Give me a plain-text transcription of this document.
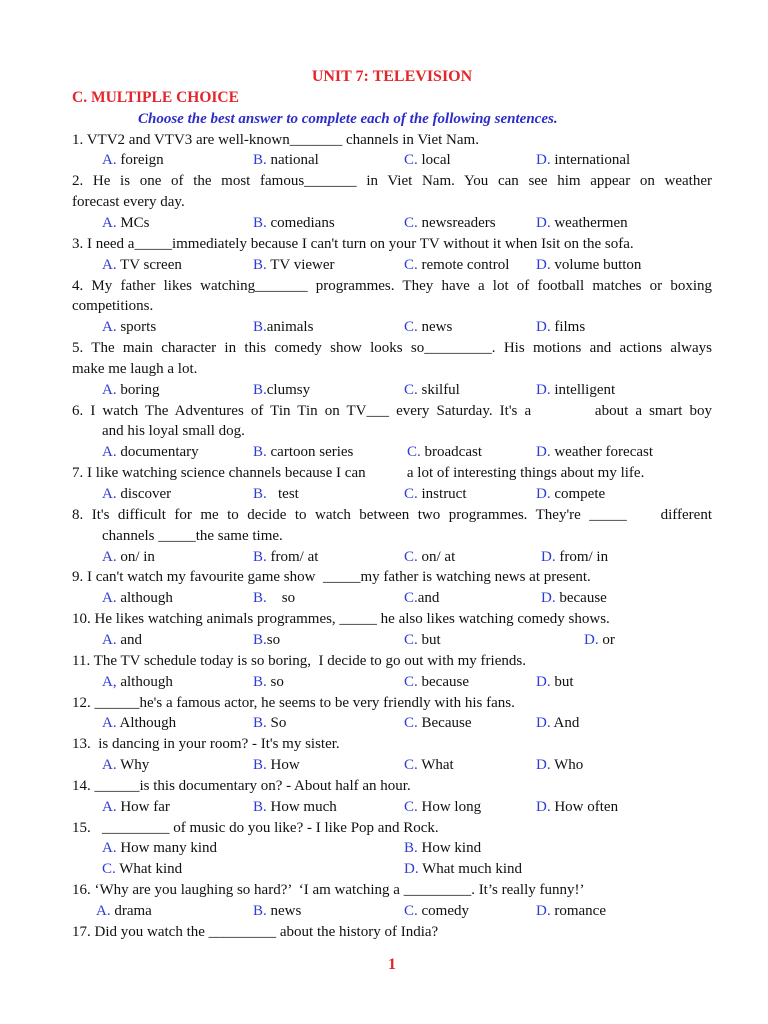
UNIT 7: TELEVISION
C. MULTIPLE CHOICE
Choose the best answer to complete each of the following sentences.
1. VTV2 and VTV3 are well-known_______ channels in Viet Nam.
A. foreign	B. national	C. local	D. international
2. He is one of the most famous_______ in Viet Nam. You can see him appear on weather
forecast every day.
A. MCs	B. comedians	C. newsreaders	D. weathermen
3. I need a_____immediately because I can't turn on your TV without it when Isit on the sofa.
A. TV screen	B. TV viewer	C. remote control D. volume button
4. My father likes watching_______ programmes. They have a lot of football matches or boxing
competitions.
A. sports	B.animals	C. news	D. films
5. The main character in this comedy show looks so_________. His motions and actions always
make me laugh a lot.
A. boring	B.clumsy	C. skilful	D. intelligent
6. I watch The Adventures of Tin Tin on TV___ every Saturday. It's a         about a smart boy
and his loyal small dog.
A. documentary	B. cartoon series	C. broadcast	D. weather forecast
7. I like watching science channels because I can           a lot of interesting things about my life.
A. discover	B.   test	C. instruct	D. compete
8. It's difficult for me to decide to watch between two programmes. They're _____    different
channels _____the same time.
A. on/ in	B. from/ at	C. on/ at	D. from/ in
9. I can't watch my favourite game show  _____my father is watching news at present.
A. although	B.    so	C.and	D. because
10. He likes watching animals programmes, _____ he also likes watching comedy shows.
A. and	B.so	C. but	D. or
11. The TV schedule today is so boring,  I decide to go out with my friends.
A, although	B. so	C. because	D. but
12. ______he's a famous actor, he seems to be very friendly with his fans.
A. Although	B. So	C. Because	D. And
13.  is dancing in your room? - It's my sister.
A. Why	B. How	C. What	D. Who
14. ______is this documentary on? - About half an hour.
A. How far	B. How much	C. How long	D. How often
15.   _________ of music do you like? - I like Pop and Rock.
A. How many kind	B. How kind
C. What kind	D. What much kind
16. ‘Why are you laughing so hard?’  ‘I am watching a _________. It’s really funny!’
A. drama	B. news	C. comedy	D. romance
17. Did you watch the _________ about the history of India?
1
